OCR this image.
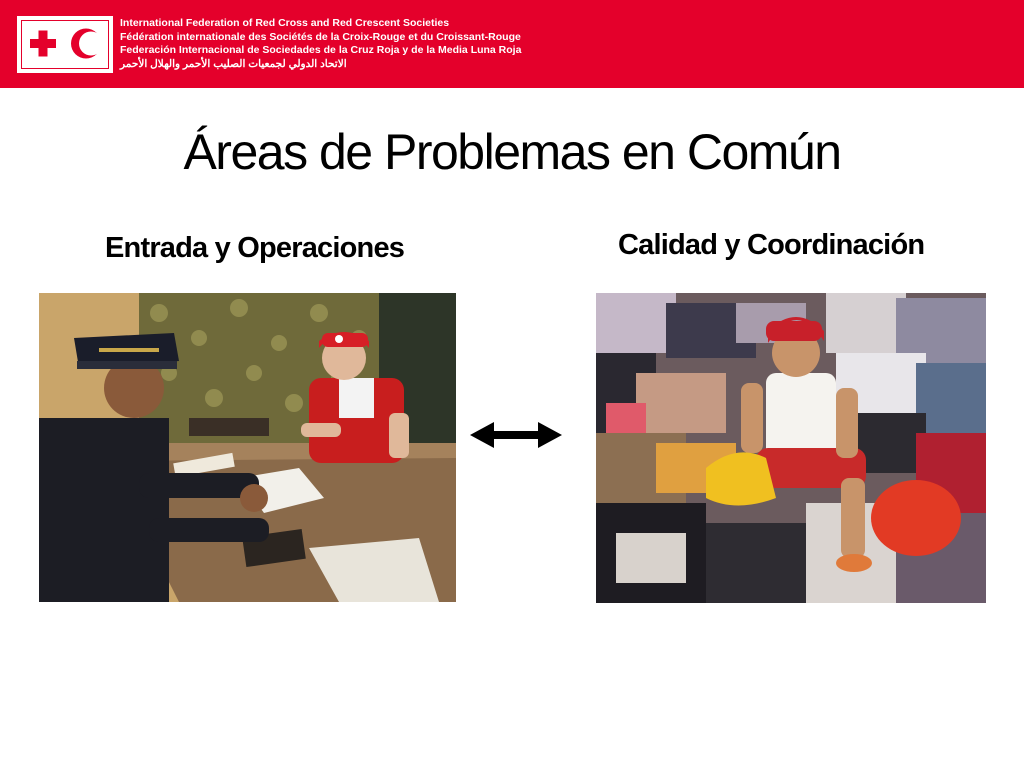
International Federation of Red Cross and Red Crescent Societies
Fédération internationale des Sociétés de la Croix-Rouge et du Croissant-Rouge
Federación Internacional de Sociedades de la Cruz Roja y de la Media Luna Roja
الاتحاد الدولي لجمعيات الصليب الأحمر والهلال الأحمر
Áreas de Problemas en Común
Entrada y Operaciones	Calidad y Coordinación
